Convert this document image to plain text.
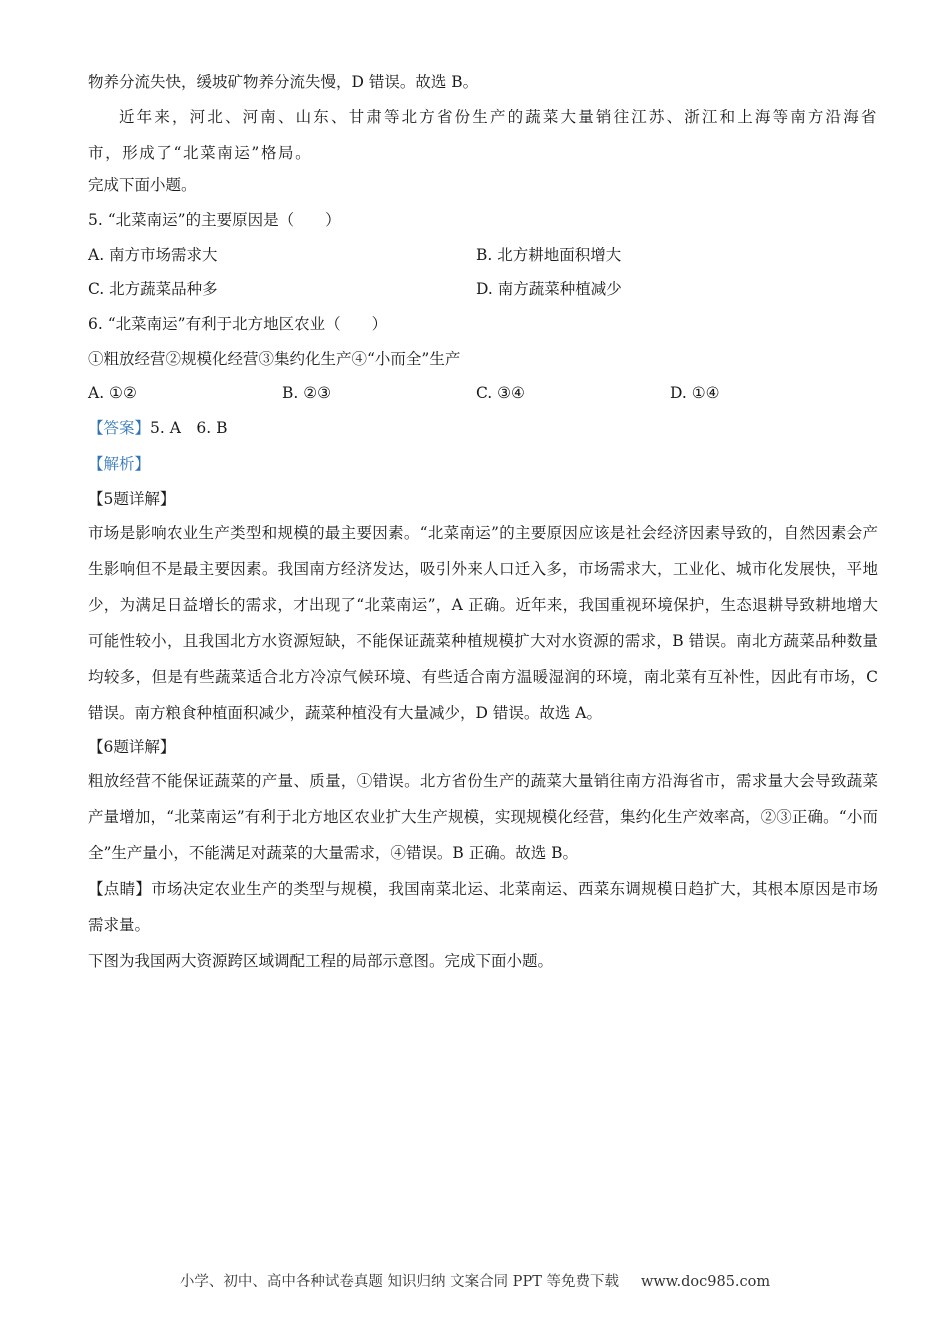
物养分流失快，缓坡矿物养分流失慢，D 错误。故选 B。

近年来，河北、河南、山东、甘肃等北方省份生产的蔬菜大量销往江苏、浙江和上海等南方沿海省市，形成了“北菜南运”格局。

完成下面小题。

5. “北菜南运”的主要原因是（　　）

A. 南方市场需求大	B. 北方耕地面积增大
C. 北方蔬菜品种多	D. 南方蔬菜种植减少

6. “北菜南运”有利于北方地区农业（　　）

①粗放经营②规模化经营③集约化生产④“小而全”生产

A. ①②	B. ②③	C. ③④	D. ①④

【答案】5. A　6. B

【解析】

【5题详解】

市场是影响农业生产类型和规模的最主要因素。“北菜南运”的主要原因应该是社会经济因素导致的，自然因素会产生影响但不是最主要因素。我国南方经济发达，吸引外来人口迁入多，市场需求大，工业化、城市化发展快，平地少，为满足日益增长的需求，才出现了“北菜南运”，A 正确。近年来，我国重视环境保护，生态退耕导致耕地增大可能性较小，且我国北方水资源短缺，不能保证蔬菜种植规模扩大对水资源的需求，B 错误。南北方蔬菜品种数量均较多，但是有些蔬菜适合北方冷凉气候环境、有些适合南方温暖湿润的环境，南北菜有互补性，因此有市场，C 错误。南方粮食种植面积减少，蔬菜种植没有大量减少，D 错误。故选 A。

【6题详解】

粗放经营不能保证蔬菜的产量、质量，①错误。北方省份生产的蔬菜大量销往南方沿海省市，需求量大会导致蔬菜产量增加，“北菜南运”有利于北方地区农业扩大生产规模，实现规模化经营，集约化生产效率高，②③正确。“小而全”生产量小，不能满足对蔬菜的大量需求，④错误。B 正确。故选 B。

【点睛】市场决定农业生产的类型与规模，我国南菜北运、北菜南运、西菜东调规模日趋扩大，其根本原因是市场需求量。

下图为我国两大资源跨区域调配工程的局部示意图。完成下面小题。

小学、初中、高中各种试卷真题 知识归纳 文案合同 PPT 等免费下载 www.doc985.com
